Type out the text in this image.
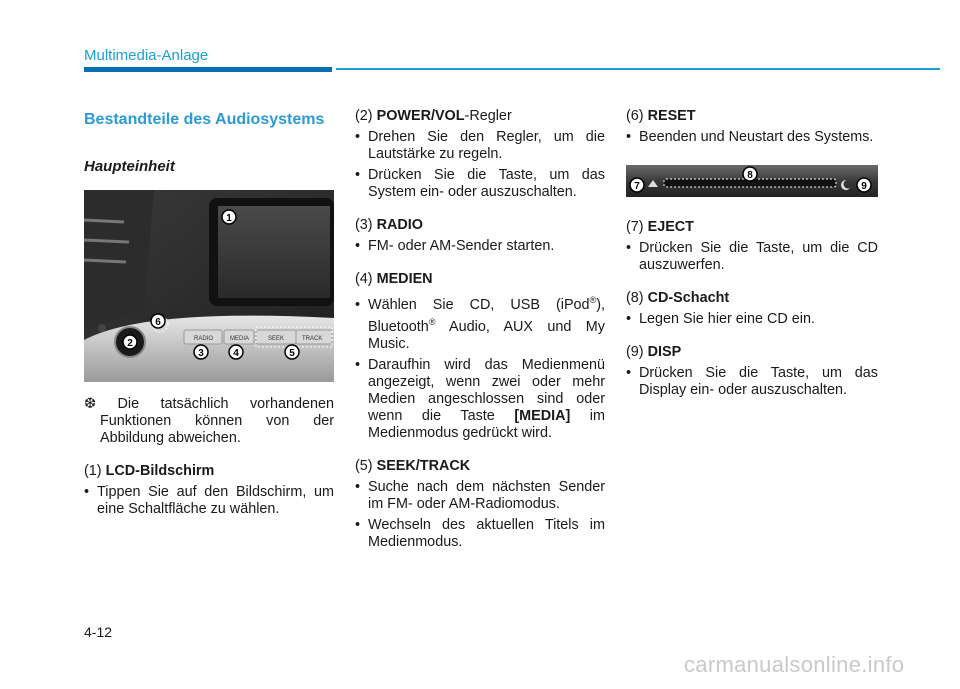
Multimedia-Anlage
Bestandteile des Audiosystems
Haupteinheit
RADIO	MEDIA	SEEK	TRACK
1
2
3	4	5
6
❆ Die tatsächlich vorhandenen Funktionen können von der Abbildung abweichen.
(1) LCD-Bildschirm
• Tippen Sie auf den Bildschirm, um eine Schaltfläche zu wählen.
(2) POWER/VOL-Regler
• Drehen Sie den Regler, um die Lautstärke zu regeln.
• Drücken Sie die Taste, um das System ein- oder auszuschalten.
(3) RADIO
• FM- oder AM-Sender starten.
(4) MEDIEN
• Wählen Sie CD, USB (iPod®), Bluetooth® Audio, AUX und My Music.
• Daraufhin wird das Medienmenü angezeigt, wenn zwei oder mehr Medien angeschlossen sind oder wenn die Taste [MEDIA] im Medienmodus gedrückt wird.
(5) SEEK/TRACK
• Suche nach dem nächsten Sender im FM- oder AM-Radiomodus.
• Wechseln des aktuellen Titels im Medienmodus.
(6) RESET
• Beenden und Neustart des Systems.
7
8
9
(7) EJECT
• Drücken Sie die Taste, um die CD auszuwerfen.
(8) CD-Schacht
• Legen Sie hier eine CD ein.
(9) DISP
• Drücken Sie die Taste, um das Display ein- oder auszuschalten.
4-12
carmanualsonline.info
